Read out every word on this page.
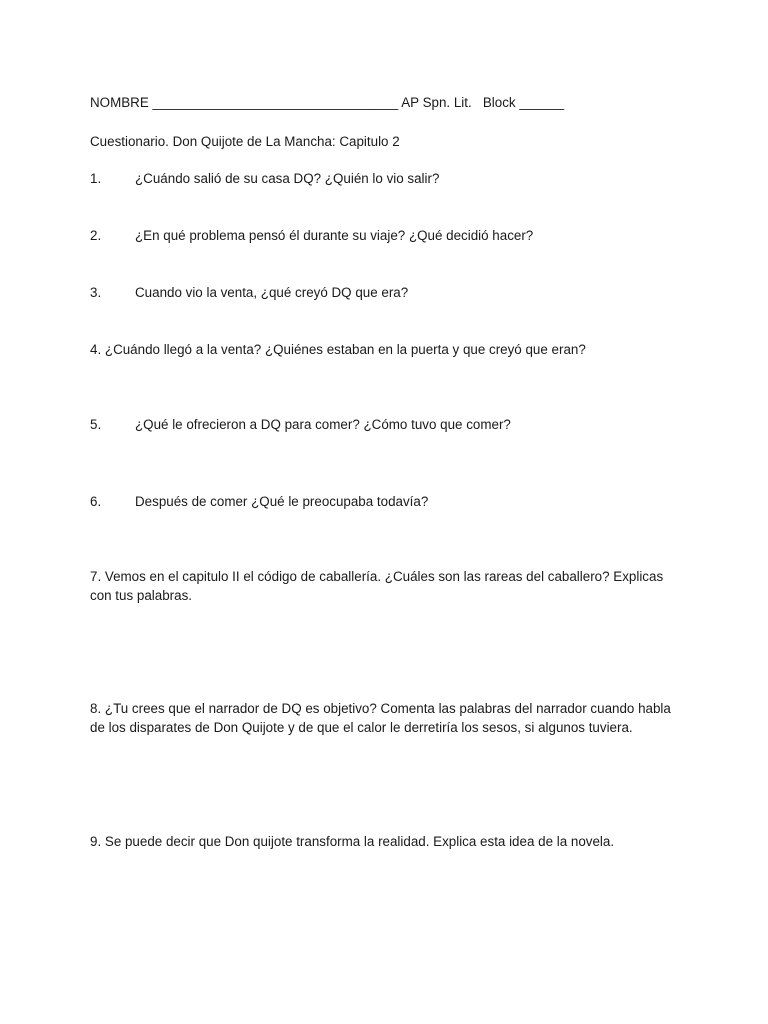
NOMBRE _________________________________ AP Spn. Lit.   Block ______
Cuestionario. Don Quijote de La Mancha: Capitulo 2
1.	¿Cuándo salió de su casa DQ? ¿Quién lo vio salir?
2.	¿En qué problema pensó él durante su viaje? ¿Qué decidió hacer?
3.	Cuando vio la venta, ¿qué creyó DQ que era?
4. ¿Cuándo llegó a la venta? ¿Quiénes estaban en la puerta y que creyó que eran?
5.	¿Qué le ofrecieron a DQ para comer? ¿Cómo tuvo que comer?
6.	Después de comer ¿Qué le preocupaba todavía?
7. Vemos en el capitulo II el código de caballería. ¿Cuáles son las rareas del caballero? Explicas con tus palabras.
8. ¿Tu crees que el narrador de DQ es objetivo? Comenta las palabras del narrador cuando habla de los disparates de Don Quijote y de que el calor le derretiría los sesos, si algunos tuviera.
9. Se puede decir que Don quijote transforma la realidad. Explica esta idea de la novela.
